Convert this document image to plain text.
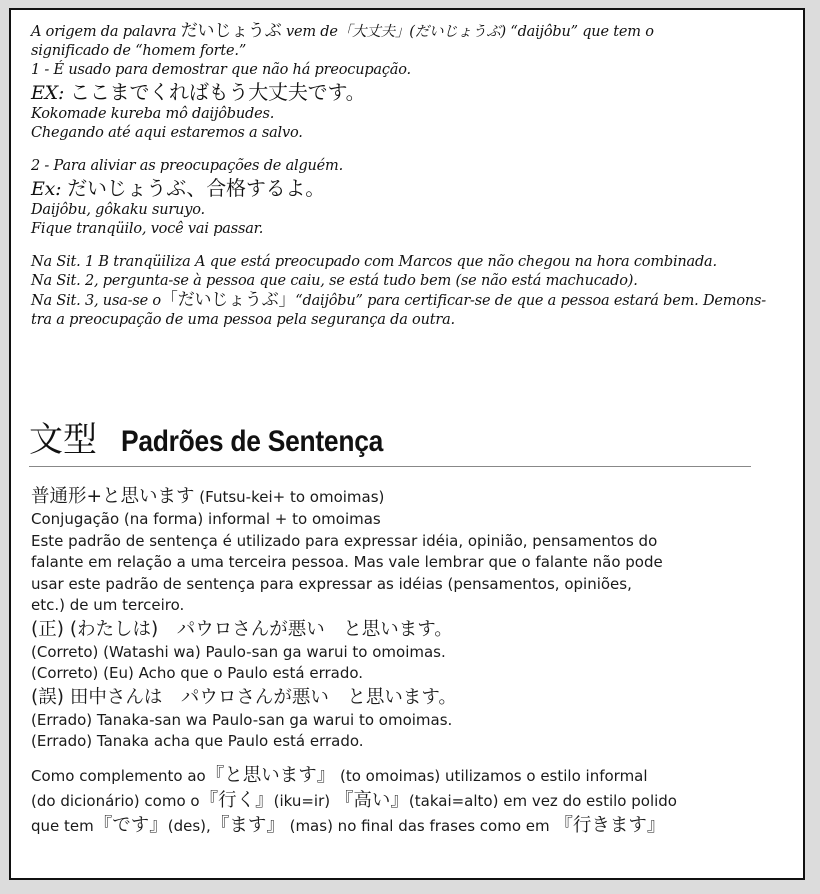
A origem da palavra だいじょうぶ vem de「大丈夫」(だいじょうぶ) “daijôbu” que tem o
significado de “homem forte.”
1 - É usado para demostrar que não há preocupação.
EX: ここまでくればもう大丈夫です。
Kokomade kureba mô daijôbudes.
Chegando até aqui estaremos a salvo.
2 - Para aliviar as preocupações de alguém.
Ex: だいじょうぶ、合格するよ。
Daijôbu, gôkaku suruyo.
Fique tranqüilo, você vai passar.
Na Sit. 1 B tranqüiliza A que está preocupado com Marcos que não chegou na hora combinada.
Na Sit. 2, pergunta-se à pessoa que caiu, se está tudo bem (se não está machucado).
Na Sit. 3, usa-se o「だいじょうぶ」“daijôbu” para certificar-se de que a pessoa estará bem. Demons-
tra a preocupação de uma pessoa pela segurança da outra.
文型 Padrões de Sentença
普通形+と思います (Futsu-kei+ to omoimas)
Conjugação (na forma) informal + to omoimas
Este padrão de sentença é utilizado para expressar idéia, opinião, pensamentos do
falante em relação a uma terceira pessoa. Mas vale lembrar que o falante não pode
usar este padrão de sentença para expressar as idéias (pensamentos, opiniões,
etc.) de um terceiro.
(正) (わたしは)　パウロさんが悪い　と思います。
(Correto) (Watashi wa) Paulo-san ga warui to omoimas.
(Correto) (Eu) Acho que o Paulo está errado.
(誤) 田中さんは　パウロさんが悪い　と思います。
(Errado) Tanaka-san wa Paulo-san ga warui to omoimas.
(Errado) Tanaka acha que Paulo está errado.
Como complemento ao『と思います』 (to omoimas) utilizamos o estilo informal
(do dicionário) como o『行く』(iku=ir) 『高い』(takai=alto) em vez do estilo polido
que tem『です』(des),『ます』 (mas) no final das frases como em 『行きます』
